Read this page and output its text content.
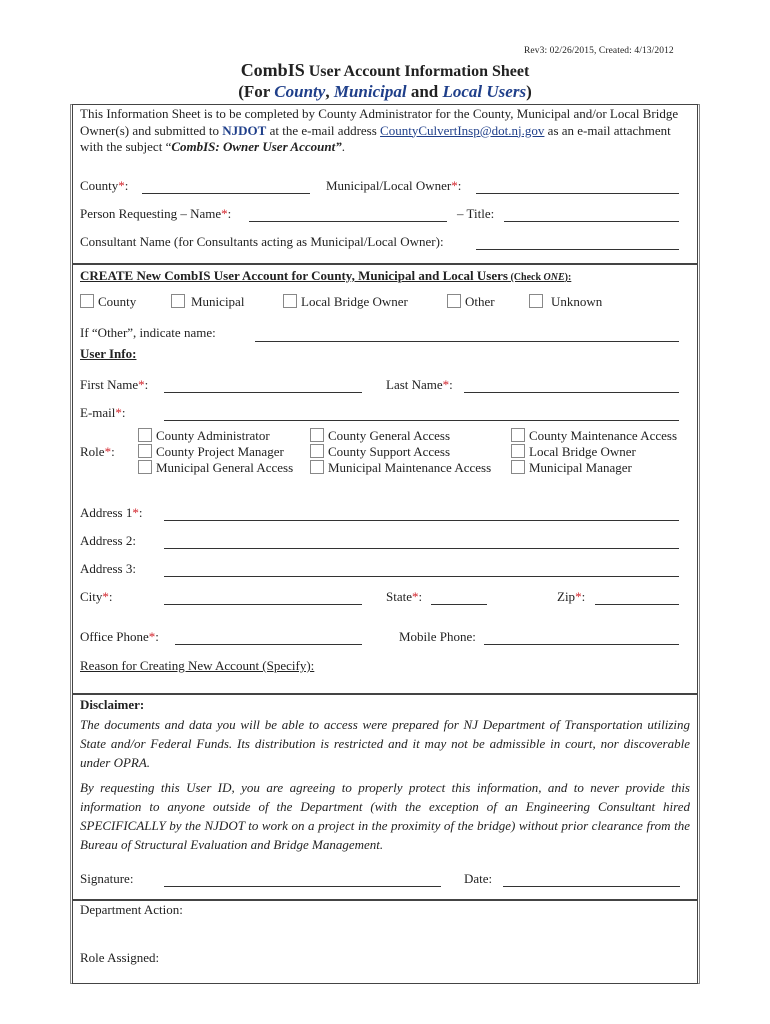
Rev3: 02/26/2015, Created: 4/13/2012
CombIS User Account Information Sheet
(For County, Municipal and Local Users)
This Information Sheet is to be completed by County Administrator for the County, Municipal and/or Local Bridge Owner(s) and submitted to NJDOT at the e-mail address CountyCulvertInsp@dot.nj.gov as an e-mail attachment with the subject “CombIS: Owner User Account”.
County*:	Municipal/Local Owner*:
Person Requesting – Name*:	– Title:
Consultant Name (for Consultants acting as Municipal/Local Owner):
CREATE New CombIS User Account for County, Municipal and Local Users (Check ONE):
County	Municipal	Local Bridge Owner	Other	Unknown
If “Other”, indicate name:
User Info:
First Name*:	Last Name*:
E-mail*:
Role*:
County Administrator	County General Access	County Maintenance Access
County Project Manager	County Support Access	Local Bridge Owner
Municipal General Access	Municipal Maintenance Access	Municipal Manager
Address 1*:
Address 2:
Address 3:
City*:	State*:	Zip*:
Office Phone*:	Mobile Phone:
Reason for Creating New Account (Specify):
Disclaimer:
The documents and data you will be able to access were prepared for NJ Department of Transportation utilizing State and/or Federal Funds. Its distribution is restricted and it may not be admissible in court, nor discoverable under OPRA.
By requesting this User ID, you are agreeing to properly protect this information, and to never provide this information to anyone outside of the Department (with the exception of an Engineering Consultant hired SPECIFICALLY by the NJDOT to work on a project in the proximity of the bridge) without prior clearance from the Bureau of Structural Evaluation and Bridge Management.
Signature:	Date:
Department Action:
Role Assigned:
